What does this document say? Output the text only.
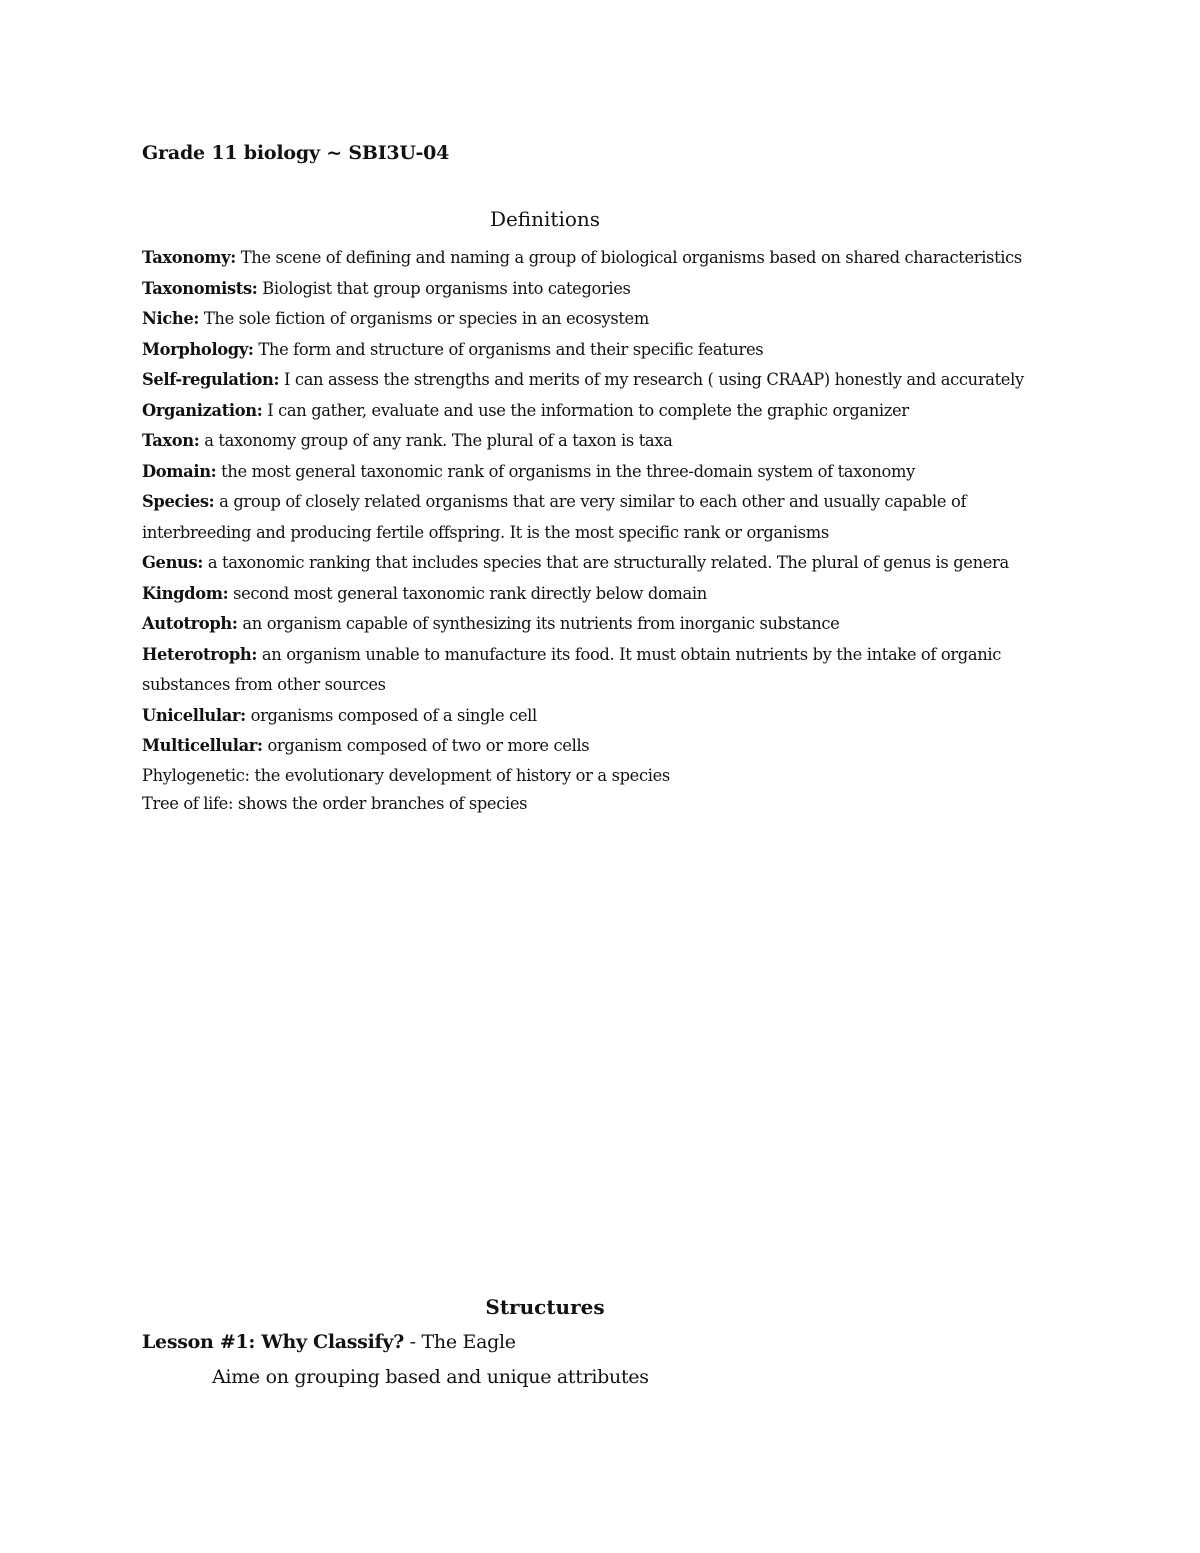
Grade 11 biology ~ SBI3U-04
Definitions

Taxonomy: The scene of defining and naming a group of biological organisms based on shared characteristics

Taxonomists: Biologist that group organisms into categories

Niche: The sole fiction of organisms or species in an ecosystem

Morphology: The form and structure of organisms and their specific features

Self-regulation: I can assess the strengths and merits of my research ( using CRAAP) honestly and accurately

Organization: I can gather, evaluate and use the information to complete the graphic organizer

Taxon: a taxonomy group of any rank. The plural of a taxon is taxa

Domain: the most general taxonomic rank of organisms in the three-domain system of taxonomy

Species: a group of closely related organisms that are very similar to each other and usually capable of interbreeding and producing fertile offspring. It is the most specific rank or organisms

Genus: a taxonomic ranking that includes species that are structurally related. The plural of genus is genera

Kingdom: second most general taxonomic rank directly below domain

Autotroph: an organism capable of synthesizing its nutrients from inorganic substance

Heterotroph: an organism unable to manufacture its food. It must obtain nutrients by the intake of organic substances from other sources

Unicellular: organisms composed of a single cell

Multicellular: organism composed of two or more cells

Phylogenetic: the evolutionary development of history or a species

Tree of life: shows the order branches of species

Structures
Lesson #1: Why Classify? - The Eagle
Aime on grouping based and unique attributes
